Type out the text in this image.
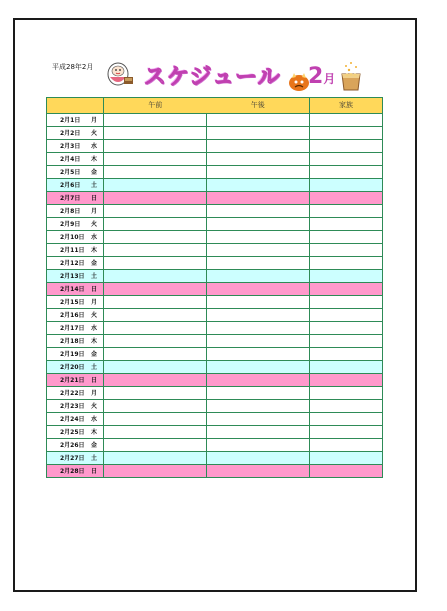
平成28年2月 スケジュール 2月
	午前	午後	家族

2月1日 月			

2月2日 火			

2月3日 水			

2月4日 木			

2月5日 金			

2月6日 土			

2月7日 日			

2月8日 月			

2月9日 火			

2月10日 水			

2月11日 木			

2月12日 金			

2月13日 土			

2月14日 日			

2月15日 月			

2月16日 火			

2月17日 水			

2月18日 木			

2月19日 金			

2月20日 土			

2月21日 日			

2月22日 月			

2月23日 火			

2月24日 水			

2月25日 木			

2月26日 金			

2月27日 土			

2月28日 日			
